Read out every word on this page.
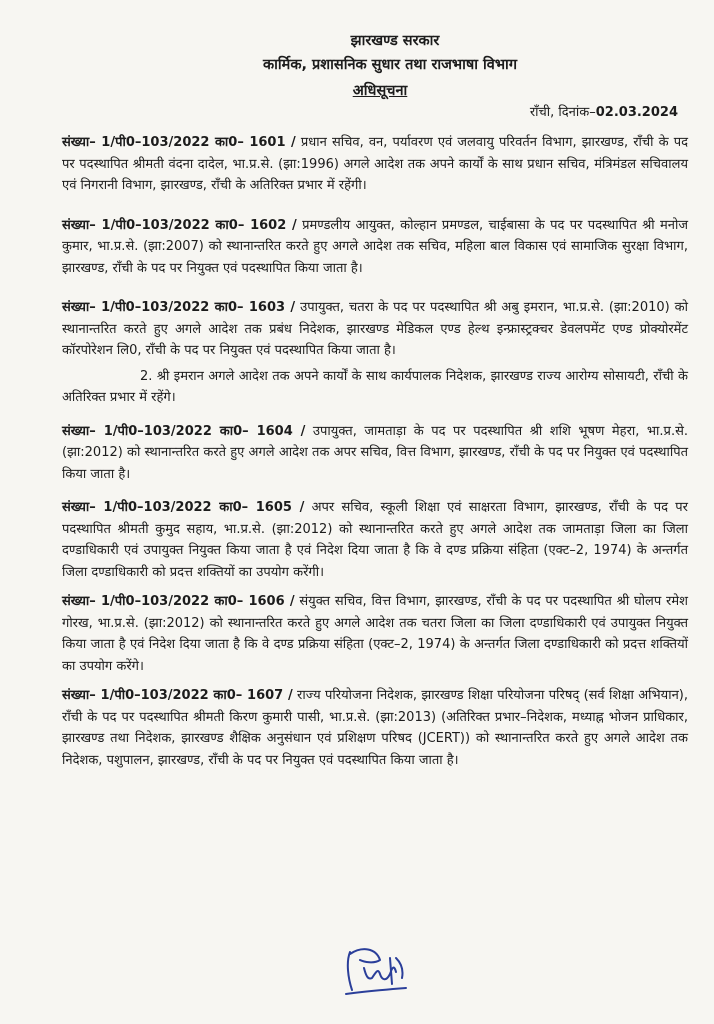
झारखण्ड सरकार
कार्मिक, प्रशासनिक सुधार तथा राजभाषा विभाग
अधिसूचना
राँची, दिनांक–02.03.2024
संख्या– 1/पी0–103/2022 का0– 1601 / प्रधान सचिव, वन, पर्यावरण एवं जलवायु परिवर्तन विभाग, झारखण्ड, राँची के पद पर पदस्थापित श्रीमती वंदना दादेल, भा.प्र.से. (झा:1996) अगले आदेश तक अपने कार्यों के साथ प्रधान सचिव, मंत्रिमंडल सचिवालय एवं निगरानी विभाग, झारखण्ड, राँची के अतिरिक्त प्रभार में रहेंगी।
संख्या– 1/पी0–103/2022 का0– 1602 / प्रमण्डलीय आयुक्त, कोल्हान प्रमण्डल, चाईबासा के पद पर पदस्थापित श्री मनोज कुमार, भा.प्र.से. (झा:2007) को स्थानान्तरित करते हुए अगले आदेश तक सचिव, महिला बाल विकास एवं सामाजिक सुरक्षा विभाग, झारखण्ड, राँची के पद पर नियुक्त एवं पदस्थापित किया जाता है।
संख्या– 1/पी0–103/2022 का0– 1603 / उपायुक्त, चतरा के पद पर पदस्थापित श्री अबु इमरान, भा.प्र.से. (झा:2010) को स्थानान्तरित करते हुए अगले आदेश तक प्रबंध निदेशक, झारखण्ड मेडिकल एण्ड हेल्थ इन्फ्रास्ट्रक्चर डेवलपमेंट एण्ड प्रोक्योरमेंट कॉरपोरेशन लि0, राँची के पद पर नियुक्त एवं पदस्थापित किया जाता है।
2. श्री इमरान अगले आदेश तक अपने कार्यों के साथ कार्यपालक निदेशक, झारखण्ड राज्य आरोग्य सोसायटी, राँची के अतिरिक्त प्रभार में रहेंगे।
संख्या– 1/पी0–103/2022 का0– 1604 / उपायुक्त, जामताड़ा के पद पर पदस्थापित श्री शशि भूषण मेहरा, भा.प्र.से. (झा:2012) को स्थानान्तरित करते हुए अगले आदेश तक अपर सचिव, वित्त विभाग, झारखण्ड, राँची के पद पर नियुक्त एवं पदस्थापित किया जाता है।
संख्या– 1/पी0–103/2022 का0– 1605 / अपर सचिव, स्कूली शिक्षा एवं साक्षरता विभाग, झारखण्ड, राँची के पद पर पदस्थापित श्रीमती कुमुद सहाय, भा.प्र.से. (झा:2012) को स्थानान्तरित करते हुए अगले आदेश तक जामताड़ा जिला का जिला दण्डाधिकारी एवं उपायुक्त नियुक्त किया जाता है एवं निदेश दिया जाता है कि वे दण्ड प्रक्रिया संहिता (एक्ट–2, 1974) के अन्तर्गत जिला दण्डाधिकारी को प्रदत्त शक्तियों का उपयोग करेंगी।
संख्या– 1/पी0–103/2022 का0– 1606 / संयुक्त सचिव, वित्त विभाग, झारखण्ड, राँची के पद पर पदस्थापित श्री घोलप रमेश गोरख, भा.प्र.से. (झा:2012) को स्थानान्तरित करते हुए अगले आदेश तक चतरा जिला का जिला दण्डाधिकारी एवं उपायुक्त नियुक्त किया जाता है एवं निदेश दिया जाता है कि वे दण्ड प्रक्रिया संहिता (एक्ट–2, 1974) के अन्तर्गत जिला दण्डाधिकारी को प्रदत्त शक्तियों का उपयोग करेंगे।
संख्या– 1/पी0–103/2022 का0– 1607 / राज्य परियोजना निदेशक, झारखण्ड शिक्षा परियोजना परिषद् (सर्व शिक्षा अभियान), राँची के पद पर पदस्थापित श्रीमती किरण कुमारी पासी, भा.प्र.से. (झा:2013) (अतिरिक्त प्रभार–निदेशक, मध्याह्न भोजन प्राधिकार, झारखण्ड तथा निदेशक, झारखण्ड शैक्षिक अनुसंधान एवं प्रशिक्षण परिषद (JCERT)) को स्थानान्तरित करते हुए अगले आदेश तक निदेशक, पशुपालन, झारखण्ड, राँची के पद पर नियुक्त एवं पदस्थापित किया जाता है।
